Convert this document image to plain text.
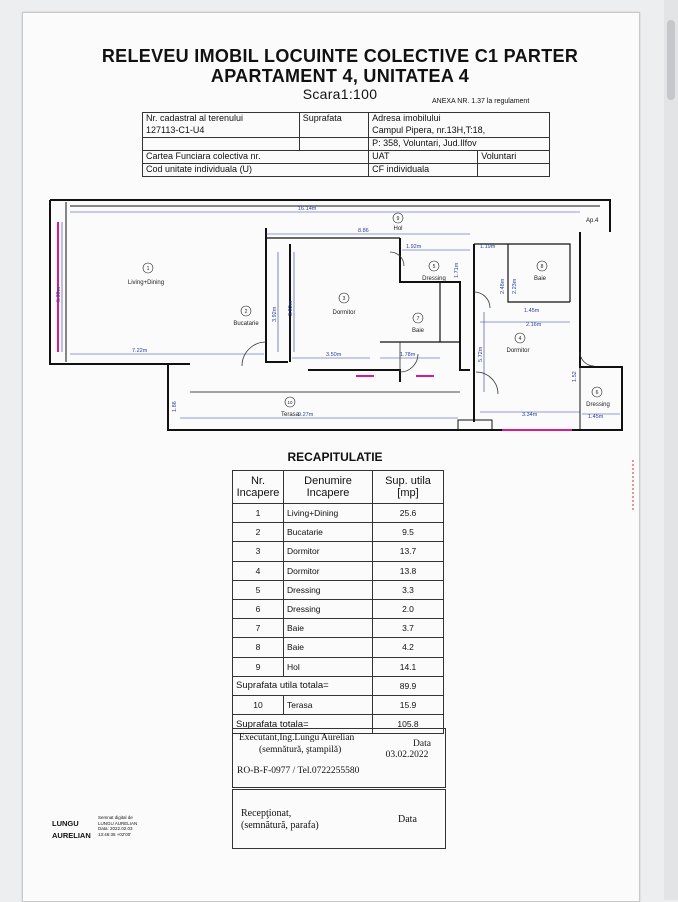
RELEVEU IMOBIL LOCUINTE COLECTIVE C1 PARTER
APARTAMENT 4, UNITATEA 4
Scara1:100	ANEXA NR. 1.37 la regulament
Nr. cadastral al terenului	Suprafata	Adresa imobilului	
127113-C1-U4		Campul Pipera, nr.13H,T:18,	
		P: 358, Voluntari, Jud.Ilfov	
Cartea Funciara colectiva nr.		UAT	Voluntari
Cod unitate individuala (U)		CF individuala	
16.14m
8.86
7.22m
3.50m	1.78m
9.27m
1.92m	1.19m
1.45m
2.16m
3.34m	1.45m
5.39m
3.92m 3.92m
1.71m
2.48m
5.72m
2.23m
1.86
1.52
Ap.4
1
Living+Dining
2
Bucatarie
3
Dormitor
4
Dormitor
5
Dressing
6
Dressing
7
Baie
8
Baie
9
Hol
10
Terasa
RECAPITULATIE
Nr. Incapere	Denumire Incapere	Sup. utila [mp]
1	Living+Dining	25.6
2	Bucatarie	9.5
3	Dormitor	13.7
4	Dormitor	13.8
5	Dressing	3.3
6	Dressing	2.0
7	Baie	3.7
8	Baie	4.2
9	Hol	14.1
Suprafata utila totala=		89.9
10	Terasa	15.9
Suprafata totala=		105.8
Executant,Ing.Lungu Aurelian
(semnătură, ştampilă)
Data
03.02.2022
RO-B-F-0977 / Tel.0722255580
Recepţionat,
(semnătură, parafa)
Data
LUNGU
AURELIAN
Semnat digital de
LUNGU AURELIAN
Data: 2022.02.03
13:46:35 +02'00'
